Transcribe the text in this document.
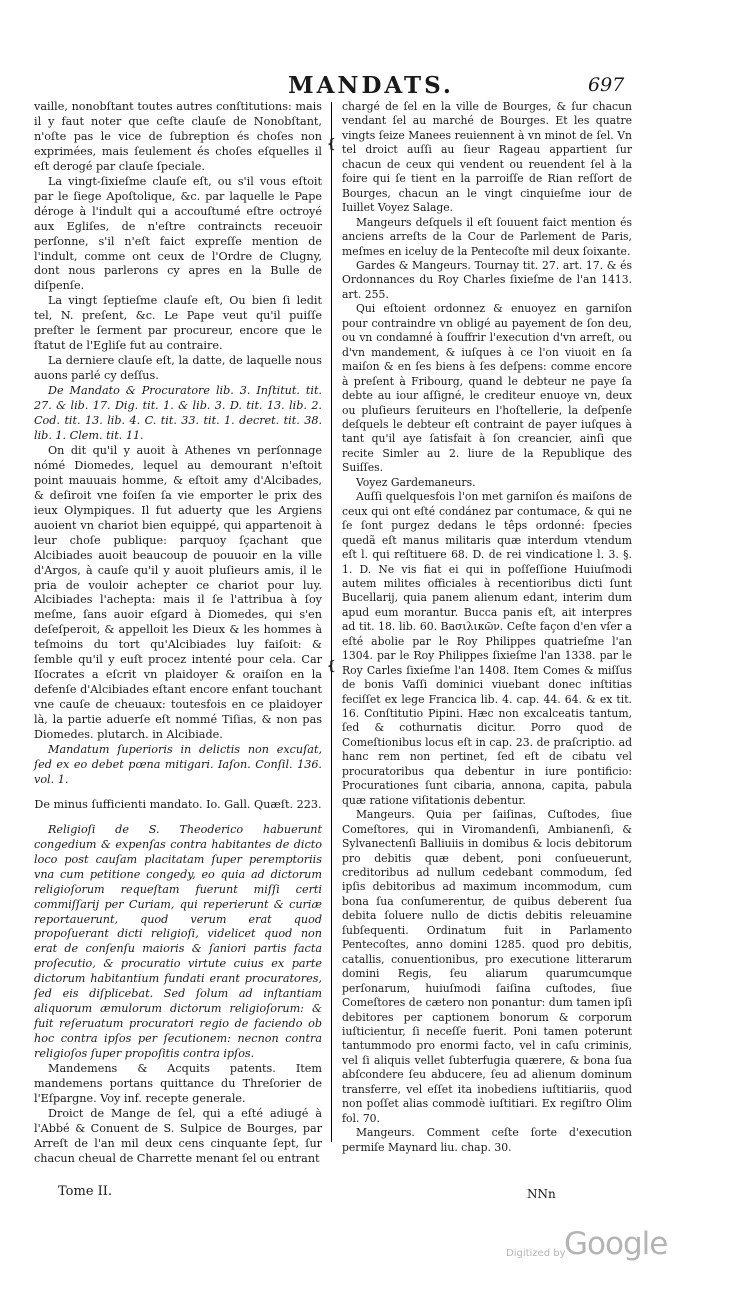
MANDATS.	697
❴
❴

vaille, nonobſtant toutes autres conſtitutions: mais il y faut noter que ceſte clauſe de Nonobſtant, n'oſte pas le vice de ſubreption és choſes non exprimées, mais ſeulement és choſes eſquelles il eſt derogé par clauſe ſpeciale.

La vingt-ſixieſme clauſe eſt, ou s'il vous eſtoit par le ſiege Apoſtolique, &c. par laquelle le Pape déroge à l'indult qui a accouſtumé eſtre octroyé aux Egliſes, de n'eſtre contraincts receuoir perſonne, s'il n'eſt faict expreſſe mention de l'indult, comme ont ceux de l'Ordre de Clugny, dont nous parlerons cy apres en la Bulle de diſpenſe.

La vingt ſeptieſme clauſe eſt, Ou bien ſi ledit tel, N. preſent, &c. Le Pape veut qu'il puiſſe preſter le ſerment par procureur, encore que le ſtatut de l'Egliſe fut au contraire.

La derniere clauſe eſt, la datte, de laquelle nous auons parlé cy deſſus.

De Mandato & Procuratore lib. 3. Inſtitut. tit. 27. & lib. 17. Dig. tit. 1. & lib. 3. D. tit. 13. lib. 2. Cod. tit. 13. lib. 4. C. tit. 33. tit. 1. decret. tit. 38. lib. 1. Clem. tit. 11.

On dit qu'il y auoit à Athenes vn perſonnage nómé Diomedes, lequel au demourant n'eſtoit point mauuais homme, & eſtoit amy d'Alcibades, & deſiroit vne foiſen ſa vie emporter le prix des ieux Olympiques. Il fut aduerty que les Argiens auoient vn chariot bien equippé, qui appartenoit à leur choſe publique: parquoy ſçachant que Alcibiades auoit beaucoup de pouuoir en la ville d'Argos, à cauſe qu'il y auoit pluſieurs amis, il le pria de vouloir achepter ce chariot pour luy. Alcibiades l'achepta: mais il ſe l'attribua à ſoy meſme, ſans auoir eſgard à Diomedes, qui s'en deſeſperoit, & appelloit les Dieux & les hommes à teſmoins du tort qu'Alcibiades luy faiſoit: & ſemble qu'il y euſt procez intenté pour cela. Car Iſocrates a eſcrit vn plaidoyer & oraiſon en la defenſe d'Alcibiades eſtant encore enfant touchant vne cauſe de cheuaux: toutesfois en ce plaidoyer là, la partie aduerſe eſt nommé Tiſias, & non pas Diomedes. plutarch. in Alcibiade.

Mandatum ſuperioris in delictis non excuſat, ſed ex eo debet pœna mitigari. Iaſon. Conſil. 136. vol. 1.

De minus ſufficienti mandato. Io. Gall. Quæſt. 223.

Religioſi de S. Theoderico habuerunt congedium & expenſas contra habitantes de dicto loco post cauſam placitatam ſuper peremptoriis vna cum petitione congedy, eo quia ad dictorum religioſorum requeſtam fuerunt miſſi certi commiſſarij per Curiam, qui reperierunt & curiæ reportauerunt, quod verum erat quod propoſuerant dicti religioſi, videlicet quod non erat de conſenſu maioris & ſaniori partis facta proſecutio, & procuratio virtute cuius ex parte dictorum habitantium fundati erant procuratores, ſed eis diſplicebat. Sed ſolum ad inſtantiam aliquorum æmulorum dictorum religioſorum: & fuit reſeruatum procuratori regio de faciendo ob hoc contra ipſos per ſecutionem: necnon contra religioſos ſuper propoſitis contra ipſos.

Mandemens & Acquits patents. Item mandemens portans quittance du Threſorier de l'Eſpargne. Voy inf. recepte generale.

Droict de Mange de ſel, qui a eſté adiugé à l'Abbé & Conuent de S. Sulpice de Bourges, par Arreſt de l'an mil deux cens cinquante ſept, ſur chacun cheual de Charrette menant ſel ou entrant

chargé de ſel en la ville de Bourges, & ſur chacun vendant ſel au marché de Bourges. Et les quatre vingts ſeize Manees reuiennent à vn minot de ſel. Vn tel droict auſſi au ſieur Rageau appartient ſur chacun de ceux qui vendent ou reuendent ſel à la foire qui ſe tient en la parroiſſe de Rian reſſort de Bourges, chacun an le vingt cinquieſme iour de Iuillet Voyez Salage.

Mangeurs deſquels il eſt ſouuent faict mention és anciens arreſts de la Cour de Parlement de Paris, meſmes en iceluy de la Pentecoſte mil deux ſoixante.

Gardes & Mangeurs. Tournay tit. 27. art. 17. & és Ordonnances du Roy Charles ſixieſme de l'an 1413. art. 255.

Qui eſtoient ordonnez & enuoyez en garniſon pour contraindre vn obligé au payement de ſon deu, ou vn condamné à ſouffrir l'execution d'vn arreſt, ou d'vn mandement, & iuſques à ce l'on viuoit en ſa maiſon & en ſes biens à ſes deſpens: comme encore à preſent à Fribourg, quand le debteur ne paye ſa debte au iour aſſigné, le crediteur enuoye vn, deux ou pluſieurs ſeruiteurs en l'hoſtellerie, la deſpenſe deſquels le debteur eſt contraint de payer iuſques à tant qu'il aye ſatisfait à ſon creancier, ainſi que recite Simler au 2. liure de la Republique des Suiſſes.

Voyez Gardemaneurs.

Auſſi quelquesfois l'on met garniſon és maiſons de ceux qui ont eſté condánez par contumace, & qui ne ſe ſont purgez dedans le têps ordonné: ſpecies quedã eſt manus militaris quæ interdum vtendum eſt l. qui reſtituere 68. D. de rei vindicatione l. 3. §. 1. D. Ne vis fiat ei qui in poſſeſſione Huiuſmodi autem milites officiales à recentioribus dicti ſunt Bucellarij, quia panem alienum edant, interim dum apud eum morantur. Bucca panis eſt, ait interpres ad tit. 18. lib. 60. Baσιλικῶν. Ceſte façon d'en vſer a eſté abolie par le Roy Philippes quatrieſme l'an 1304. par le Roy Philippes ſixieſme l'an 1338. par le Roy Carles ſixieſme l'an 1408. Item Comes & miſſus de bonis Vaſſi dominici viuebant donec inſtitias feciſſet ex lege Francica lib. 4. cap. 44. 64. & ex tit. 16. Conſtitutio Pipini. Hæc non excalceatis tantum, ſed & cothurnatis dicitur. Porro quod de Comeſtionibus locus eſt in cap. 23. de praſcriptio. ad hanc rem non pertinet, ſed eſt de cibatu vel procuratoribus qua debentur in iure pontificio: Procurationes ſunt cibaria, annona, capita, pabula quæ ratione viſitationis debentur.

Mangeurs. Quia per ſaiſinas, Cuſtodes, ſiue Comeſtores, qui in Viromandenſi, Ambianenſi, & Sylvanectenſi Balliuiis in domibus & locis debitorum pro debitis quæ debent, poni conſueuerunt, creditoribus ad nullum cedebant commodum, ſed ipſis debitoribus ad maximum incommodum, cum bona ſua conſumerentur, de quibus deberent ſua debita ſoluere nullo de dictis debitis releuamine ſubſequenti. Ordinatum fuit in Parlamento Pentecoſtes, anno domini 1285. quod pro debitis, catallis, conuentionibus, pro executione litterarum domini Regis, ſeu aliarum quarumcumque perſonarum, huiuſmodi ſaiſina cuſtodes, ſiue Comeſtores de cætero non ponantur: dum tamen ipſi debitores per captionem bonorum & corporum iuſticientur, ſi neceſſe fuerit. Poni tamen poterunt tantummodo pro enormi facto, vel in caſu criminis, vel ſi aliquis vellet ſubterfugia quærere, & bona ſua abſcondere ſeu abducere, ſeu ad alienum dominum transferre, vel eſſet ita inobediens iuſtitiariis, quod non poſſet alias commodè iuſtitiari. Ex regiſtro Olim fol. 70.

Mangeurs. Comment ceſte ſorte d'execution permiſe Maynard liu. chap. 30.

Tome II.	NNn
Digitized by
Google
